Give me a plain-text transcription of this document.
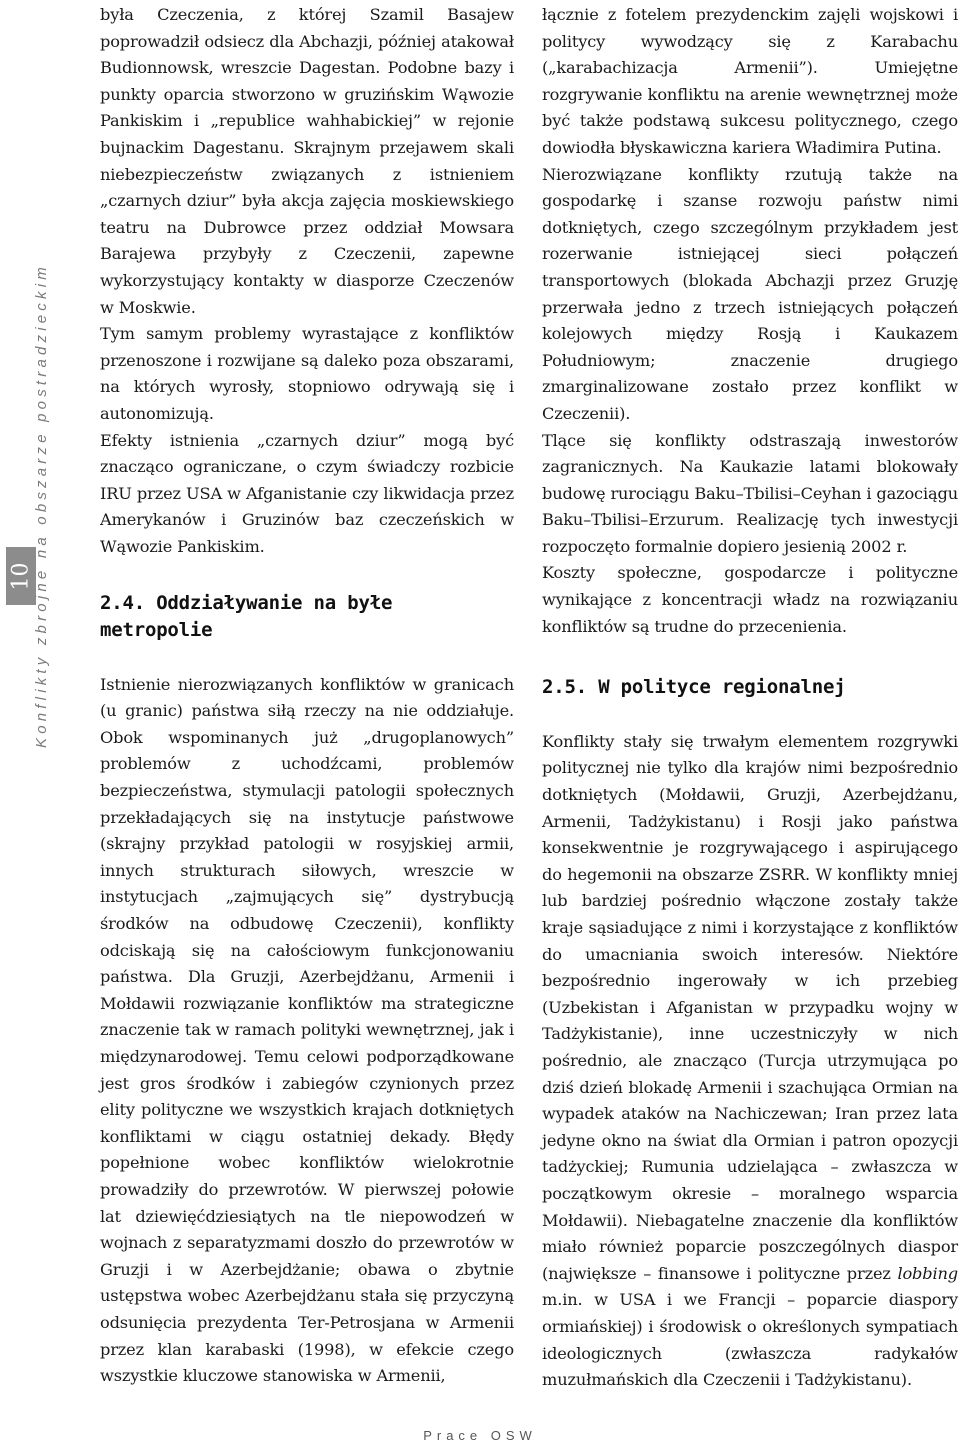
10 Konflikty zbrojne na obszarze postradzieckim

była Czeczenia, z której Szamil Basajew poprowadził odsiecz dla Abchazji, później atakował Budionnowsk, wreszcie Dagestan. Podobne bazy i punkty oparcia stworzono w gruzińskim Wąwozie Pankiskim i „republice wahhabickiej” w rejonie bujnackim Dagestanu. Skrajnym przejawem skali niebezpieczeństw związanych z istnieniem „czarnych dziur” była akcja zajęcia moskiewskiego teatru na Dubrowce przez oddział Mowsara Barajewa przybyły z Czeczenii, zapewne wykorzystujący kontakty w diasporze Czeczenów w Moskwie.

Tym samym problemy wyrastające z konfliktów przenoszone i rozwijane są daleko poza obszarami, na których wyrosły, stopniowo odrywają się i autonomizują.

Efekty istnienia „czarnych dziur” mogą być znacząco ograniczane, o czym świadczy rozbicie IRU przez USA w Afganistanie czy likwidacja przez Amerykanów i Gruzinów baz czeczeńskich w Wąwozie Pankiskim.

2.4. Oddziaływanie na byłe metropolie

Istnienie nierozwiązanych konfliktów w granicach (u granic) państwa siłą rzeczy na nie oddziałuje. Obok wspominanych już „drugoplanowych” problemów z uchodźcami, problemów bezpieczeństwa, stymulacji patologii społecznych przekładających się na instytucje państwowe (skrajny przykład patologii w rosyjskiej armii, innych strukturach siłowych, wreszcie w instytucjach „zajmujących się” dystrybucją środków na odbudowę Czeczenii), konflikty odciskają się na całościowym funkcjonowaniu państwa. Dla Gruzji, Azerbejdżanu, Armenii i Mołdawii rozwiązanie konfliktów ma strategiczne znaczenie tak w ramach polityki wewnętrznej, jak i międzynarodowej. Temu celowi podporządkowane jest gros środków i zabiegów czynionych przez elity polityczne we wszystkich krajach dotkniętych konfliktami w ciągu ostatniej dekady. Błędy popełnione wobec konfliktów wielokrotnie prowadziły do przewrotów. W pierwszej połowie lat dziewięćdziesiątych na tle niepowodzeń w wojnach z separatyzmami doszło do przewrotów w Gruzji i w Azerbejdżanie; obawa o zbytnie ustępstwa wobec Azerbejdżanu stała się przyczyną odsunięcia prezydenta Ter-Petrosjana w Armenii przez klan karabaski (1998), w efekcie czego wszystkie kluczowe stanowiska w Armenii,

łącznie z fotelem prezydenckim zajęli wojskowi i politycy wywodzący się z Karabachu („karabachizacja Armenii”). Umiejętne rozgrywanie konfliktu na arenie wewnętrznej może być także podstawą sukcesu politycznego, czego dowiodła błyskawiczna kariera Władimira Putina.

Nierozwiązane konflikty rzutują także na gospodarkę i szanse rozwoju państw nimi dotkniętych, czego szczególnym przykładem jest rozerwanie istniejącej sieci połączeń transportowych (blokada Abchazji przez Gruzję przerwała jedno z trzech istniejących połączeń kolejowych między Rosją i Kaukazem Południowym; znaczenie drugiego zmarginalizowane zostało przez konflikt w Czeczenii).

Tlące się konflikty odstraszają inwestorów zagranicznych. Na Kaukazie latami blokowały budowę rurociągu Baku–Tbilisi–Ceyhan i gazociągu Baku–Tbilisi–Erzurum. Realizację tych inwestycji rozpoczęto formalnie dopiero jesienią 2002 r.

Koszty społeczne, gospodarcze i polityczne wynikające z koncentracji władz na rozwiązaniu konfliktów są trudne do przecenienia.

2.5. W polityce regionalnej

Konflikty stały się trwałym elementem rozgrywki politycznej nie tylko dla krajów nimi bezpośrednio dotkniętych (Mołdawii, Gruzji, Azerbejdżanu, Armenii, Tadżykistanu) i Rosji jako państwa konsekwentnie je rozgrywającego i aspirującego do hegemonii na obszarze ZSRR. W konflikty mniej lub bardziej pośrednio włączone zostały także kraje sąsiadujące z nimi i korzystające z konfliktów do umacniania swoich interesów. Niektóre bezpośrednio ingerowały w ich przebieg (Uzbekistan i Afganistan w przypadku wojny w Tadżykistanie), inne uczestniczyły w nich pośrednio, ale znacząco (Turcja utrzymująca po dziś dzień blokadę Armenii i szachująca Ormian na wypadek ataków na Nachiczewan; Iran przez lata jedyne okno na świat dla Ormian i patron opozycji tadżyckiej; Rumunia udzielająca – zwłaszcza w początkowym okresie – moralnego wsparcia Mołdawii). Niebagatelne znaczenie dla konfliktów miało również poparcie poszczególnych diaspor (największe – finansowe i polityczne przez lobbing m.in. w USA i we Francji – poparcie diaspory ormiańskiej) i środowisk o określonych sympatiach ideologicznych (zwłaszcza radykałów muzułmańskich dla Czeczenii i Tadżykistanu).

Prace OSW
